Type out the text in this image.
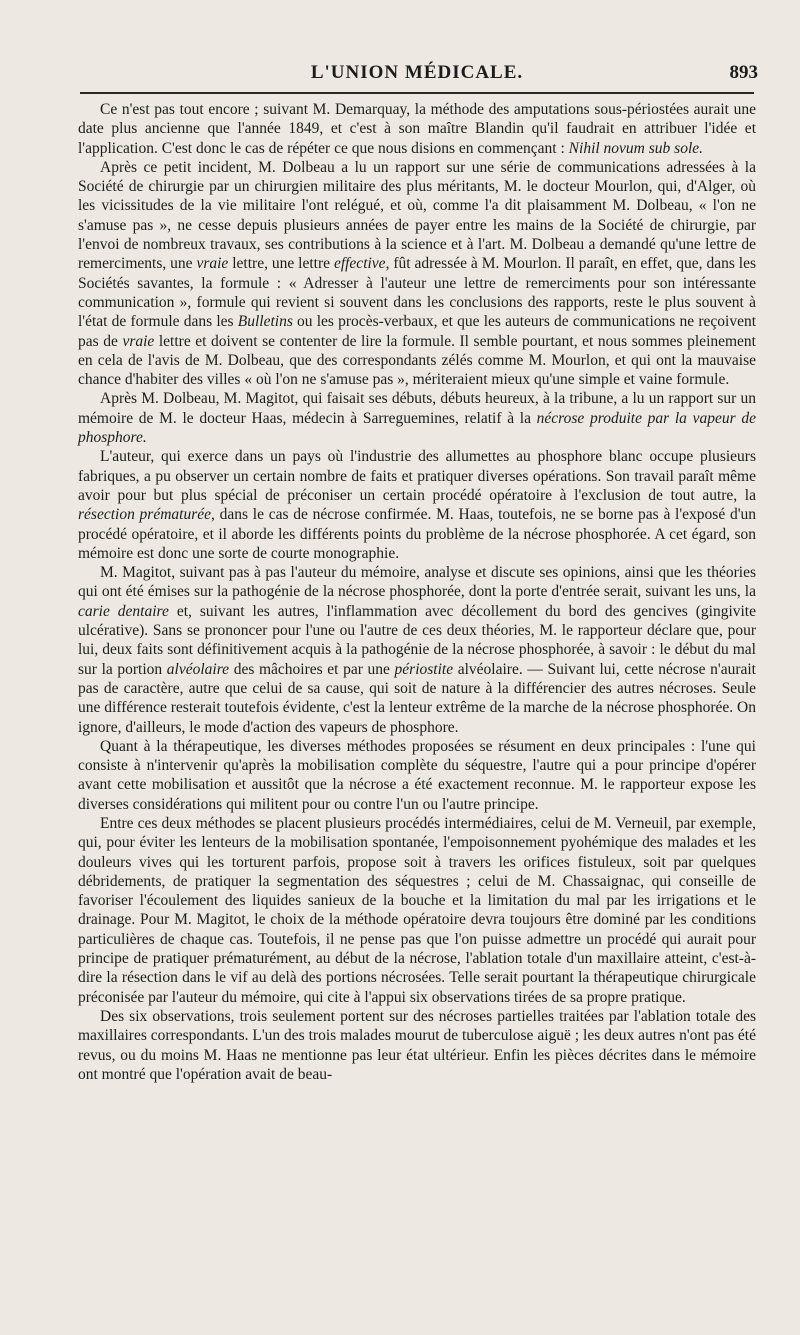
L'UNION MÉDICALE.	893

Ce n'est pas tout encore ; suivant M. Demarquay, la méthode des amputations sous-périostées aurait une date plus ancienne que l'année 1849, et c'est à son maître Blandin qu'il faudrait en attribuer l'idée et l'application. C'est donc le cas de répéter ce que nous disions en commençant : Nihil novum sub sole.

Après ce petit incident, M. Dolbeau a lu un rapport sur une série de communications adressées à la Société de chirurgie par un chirurgien militaire des plus méritants, M. le docteur Mourlon, qui, d'Alger, où les vicissitudes de la vie militaire l'ont relégué, et où, comme l'a dit plaisamment M. Dolbeau, « l'on ne s'amuse pas », ne cesse depuis plusieurs années de payer entre les mains de la Société de chirurgie, par l'envoi de nombreux travaux, ses contributions à la science et à l'art. M. Dolbeau a demandé qu'une lettre de remerciments, une vraie lettre, une lettre effective, fût adressée à M. Mourlon. Il paraît, en effet, que, dans les Sociétés savantes, la formule : « Adresser à l'auteur une lettre de remerciments pour son intéressante communication », formule qui revient si souvent dans les conclusions des rapports, reste le plus souvent à l'état de formule dans les Bulletins ou les procès-verbaux, et que les auteurs de communications ne reçoivent pas de vraie lettre et doivent se contenter de lire la formule. Il semble pourtant, et nous sommes pleinement en cela de l'avis de M. Dolbeau, que des correspondants zélés comme M. Mourlon, et qui ont la mauvaise chance d'habiter des villes « où l'on ne s'amuse pas », mériteraient mieux qu'une simple et vaine formule.

Après M. Dolbeau, M. Magitot, qui faisait ses débuts, débuts heureux, à la tribune, a lu un rapport sur un mémoire de M. le docteur Haas, médecin à Sarreguemines, relatif à la nécrose produite par la vapeur de phosphore.

L'auteur, qui exerce dans un pays où l'industrie des allumettes au phosphore blanc occupe plusieurs fabriques, a pu observer un certain nombre de faits et pratiquer diverses opérations. Son travail paraît même avoir pour but plus spécial de préconiser un certain procédé opératoire à l'exclusion de tout autre, la résection prématurée, dans le cas de nécrose confirmée. M. Haas, toutefois, ne se borne pas à l'exposé d'un procédé opératoire, et il aborde les différents points du problème de la nécrose phosphorée. A cet égard, son mémoire est donc une sorte de courte monographie.

M. Magitot, suivant pas à pas l'auteur du mémoire, analyse et discute ses opinions, ainsi que les théories qui ont été émises sur la pathogénie de la nécrose phosphorée, dont la porte d'entrée serait, suivant les uns, la carie dentaire et, suivant les autres, l'inflammation avec décollement du bord des gencives (gingivite ulcérative). Sans se prononcer pour l'une ou l'autre de ces deux théories, M. le rapporteur déclare que, pour lui, deux faits sont définitivement acquis à la pathogénie de la nécrose phosphorée, à savoir : le début du mal sur la portion alvéolaire des mâchoires et par une périostite alvéolaire. — Suivant lui, cette nécrose n'aurait pas de caractère, autre que celui de sa cause, qui soit de nature à la différencier des autres nécroses. Seule une différence resterait toutefois évidente, c'est la lenteur extrême de la marche de la nécrose phosphorée. On ignore, d'ailleurs, le mode d'action des vapeurs de phosphore.

Quant à la thérapeutique, les diverses méthodes proposées se résument en deux principales : l'une qui consiste à n'intervenir qu'après la mobilisation complète du séquestre, l'autre qui a pour principe d'opérer avant cette mobilisation et aussitôt que la nécrose a été exactement reconnue. M. le rapporteur expose les diverses considérations qui militent pour ou contre l'un ou l'autre principe.

Entre ces deux méthodes se placent plusieurs procédés intermédiaires, celui de M. Verneuil, par exemple, qui, pour éviter les lenteurs de la mobilisation spontanée, l'empoisonnement pyohémique des malades et les douleurs vives qui les torturent parfois, propose soit à travers les orifices fistuleux, soit par quelques débridements, de pratiquer la segmentation des séquestres ; celui de M. Chassaignac, qui conseille de favoriser l'écoulement des liquides sanieux de la bouche et la limitation du mal par les irrigations et le drainage. Pour M. Magitot, le choix de la méthode opératoire devra toujours être dominé par les conditions particulières de chaque cas. Toutefois, il ne pense pas que l'on puisse admettre un procédé qui aurait pour principe de pratiquer prématurément, au début de la nécrose, l'ablation totale d'un maxillaire atteint, c'est-à-dire la résection dans le vif au delà des portions nécrosées. Telle serait pourtant la thérapeutique chirurgicale préconisée par l'auteur du mémoire, qui cite à l'appui six observations tirées de sa propre pratique.

Des six observations, trois seulement portent sur des nécroses partielles traitées par l'ablation totale des maxillaires correspondants. L'un des trois malades mourut de tuberculose aiguë ; les deux autres n'ont pas été revus, ou du moins M. Haas ne mentionne pas leur état ultérieur. Enfin les pièces décrites dans le mémoire ont montré que l'opération avait de beau-
